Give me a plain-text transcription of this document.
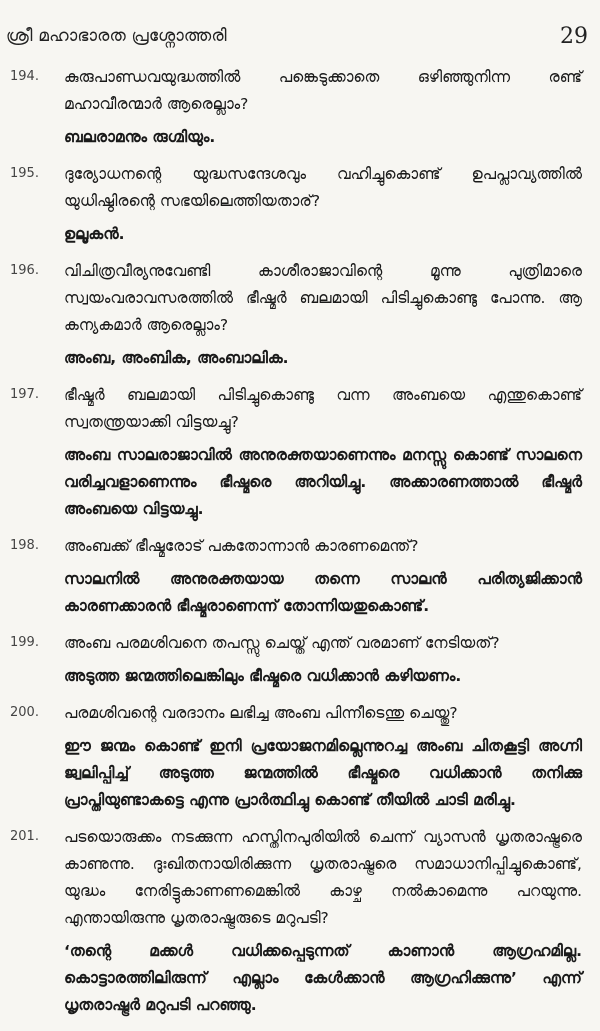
ശ്രീ മഹാഭാരത പ്രശ്നോത്തരി	29
194.	കുരുപാണ്ഡവയുദ്ധത്തിൽ പങ്കെടുക്കാതെ ഒഴിഞ്ഞുനിന്ന രണ്ട് മഹാവീരന്മാർ ആരെല്ലാം?

ബലരാമനും രുഗ്മിയും.

195.	ദുര്യോധനന്റെ യുദ്ധസന്ദേശവും വഹിച്ചുകൊണ്ട് ഉപപ്ലാവ്യത്തിൽ യുധിഷ്ഠിരന്റെ സഭയിലെത്തിയതാര്?

ഉലൂകൻ.

196.	വിചിത്രവീര്യനുവേണ്ടി കാശീരാജാവിന്റെ മൂന്നു പുത്രിമാരെ സ്വയംവരാവസരത്തിൽ ഭീഷ്മർ ബലമായി പിടിച്ചുകൊണ്ടു പോന്നു. ആ കന്യകമാർ ആരെല്ലാം?

അംബ, അംബിക, അംബാലിക.

197.	ഭീഷ്മർ ബലമായി പിടിച്ചുകൊണ്ടു വന്ന അംബയെ എന്തുകൊണ്ട് സ്വതന്ത്രയാക്കി വിട്ടയച്ചു?

അംബ സാലരാജാവിൽ അനുരക്തയാണെന്നും മനസ്സു കൊണ്ട് സാലനെ വരിച്ചവളാണെന്നും ഭീഷ്മരെ അറിയിച്ചു. അക്കാരണത്താൽ ഭീഷ്മർ അംബയെ വിട്ടയച്ചു.

198.	അംബക്ക് ഭീഷ്മരോട് പകതോന്നാൻ കാരണമെന്ത്?

സാലനിൽ അനുരക്തയായ തന്നെ സാലൻ പരിത്യജിക്കാൻ കാരണക്കാരൻ ഭീഷ്മരാണെന്ന് തോന്നിയതുകൊണ്ട്.

199.	അംബ പരമശിവനെ തപസ്സു ചെയ്ത് എന്ത് വരമാണ് നേടിയത്?

അടുത്ത ജന്മത്തിലെങ്കിലും ഭീഷ്മരെ വധിക്കാൻ കഴിയണം.

200.	പരമശിവന്റെ വരദാനം ലഭിച്ച അംബ പിന്നീടെന്തു ചെയ്തു?

ഈ ജന്മം കൊണ്ട് ഇനി പ്രയോജനമില്ലെന്നുറച്ച അംബ ചിതകൂട്ടി അഗ്നി ജ്വലിപ്പിച്ച് അടുത്ത ജന്മത്തിൽ ഭീഷ്മരെ വധിക്കാൻ തനിക്കു പ്രാപ്തിയുണ്ടാകട്ടെ എന്നു പ്രാർത്ഥിച്ചു കൊണ്ട് തീയിൽ ചാടി മരിച്ചു.

201.	പടയൊരുക്കം നടക്കുന്ന ഹസ്തിനപുരിയിൽ ചെന്ന് വ്യാസൻ ധൃതരാഷ്ട്രരെ കാണുന്നു. ദുഃഖിതനായിരിക്കുന്ന ധൃതരാഷ്ട്രരെ സമാധാനിപ്പിച്ചുകൊണ്ട്, യുദ്ധം നേരിട്ടുകാണണമെങ്കിൽ കാഴ്ച നൽകാമെന്നു പറയുന്നു. എന്തായിരുന്നു ധൃതരാഷ്ട്രരുടെ മറുപടി?

‘തന്റെ മക്കൾ വധിക്കപ്പെടുന്നത് കാണാൻ ആഗ്രഹമില്ല. കൊട്ടാരത്തിലിരുന്ന് എല്ലാം കേൾക്കാൻ ആഗ്രഹിക്കുന്നു’ എന്ന് ധൃതരാഷ്ട്രർ മറുപടി പറഞ്ഞു.
